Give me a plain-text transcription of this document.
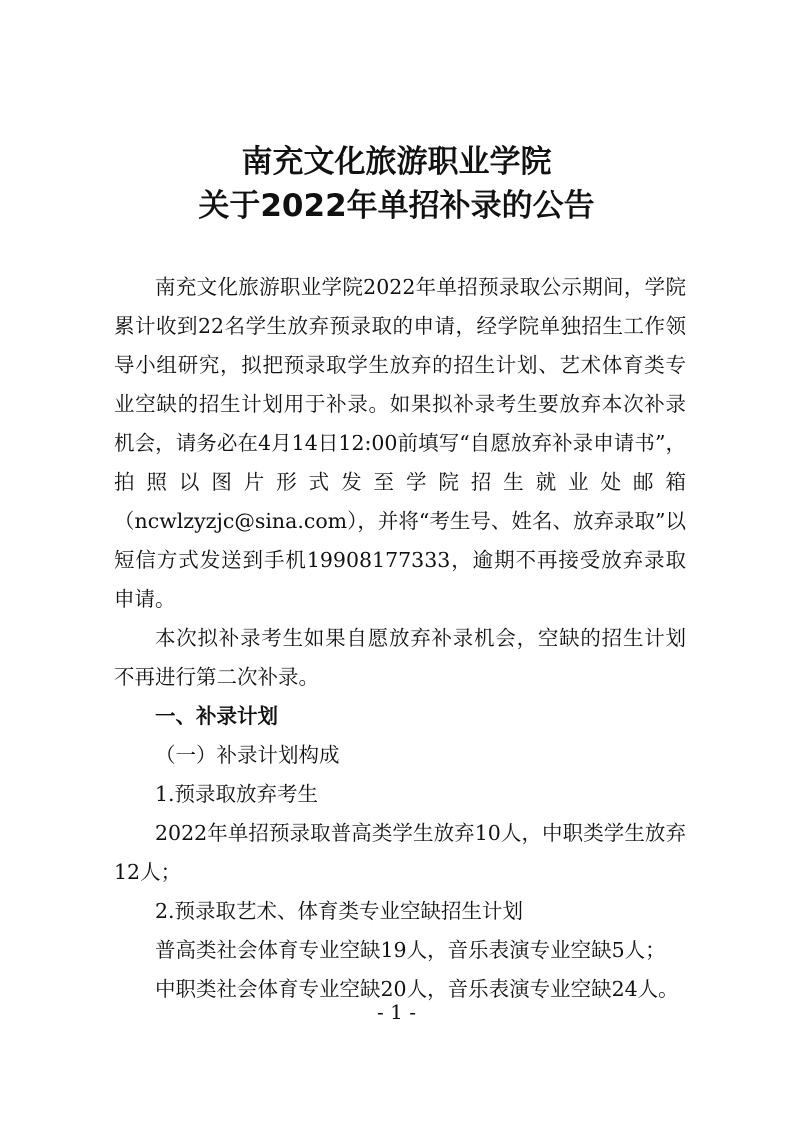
南充文化旅游职业学院
关于2022年单招补录的公告

南充文化旅游职业学院2022年单招预录取公示期间，学院累计收到22名学生放弃预录取的申请，经学院单独招生工作领导小组研究，拟把预录取学生放弃的招生计划、艺术体育类专业空缺的招生计划用于补录。如果拟补录考生要放弃本次补录机会，请务必在4月14日12:00前填写“自愿放弃补录申请书”，拍照以图片形式发至学院招生就业处邮箱（ncwlzyzjc@sina.com），并将“考生号、姓名、放弃录取”以短信方式发送到手机19908177333，逾期不再接受放弃录取申请。

本次拟补录考生如果自愿放弃补录机会，空缺的招生计划不再进行第二次补录。

一、补录计划

（一）补录计划构成

1.预录取放弃考生

2022年单招预录取普高类学生放弃10人，中职类学生放弃12人；

2.预录取艺术、体育类专业空缺招生计划

普高类社会体育专业空缺19人，音乐表演专业空缺5人；

中职类社会体育专业空缺20人，音乐表演专业空缺24人。

- 1 -
